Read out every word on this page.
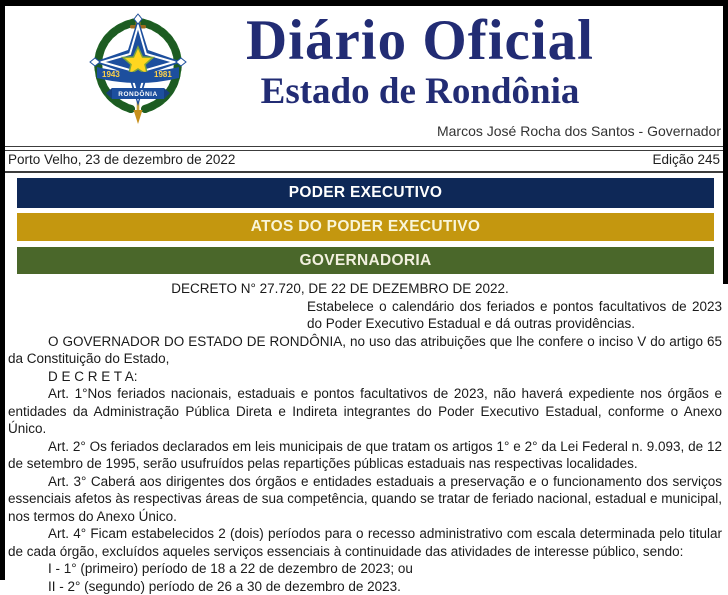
1943	1981
RONDÔNIA
Diário Oficial
Estado de Rondônia
Marcos José Rocha dos Santos - Governador
Porto Velho, 23 de dezembro de 2022	Edição 245
PODER EXECUTIVO
ATOS DO PODER EXECUTIVO
GOVERNADORIA

DECRETO N° 27.720, DE 22 DE DEZEMBRO DE 2022.

Estabelece o calendário dos feriados e pontos facultativos de 2023 do Poder Executivo Estadual e dá outras providências.

O GOVERNADOR DO ESTADO DE RONDÔNIA, no uso das atribuições que lhe confere o inciso V do artigo 65 da Constituição do Estado,

D E C R E T A:

Art. 1°Nos feriados nacionais, estaduais e pontos facultativos de 2023, não haverá expediente nos órgãos e entidades da Administração Pública Direta e Indireta integrantes do Poder Executivo Estadual, conforme o Anexo Único.

Art. 2° Os feriados declarados em leis municipais de que tratam os artigos 1° e 2° da Lei Federal n. 9.093, de 12 de setembro de 1995, serão usufruídos pelas repartições públicas estaduais nas respectivas localidades.

Art. 3° Caberá aos dirigentes dos órgãos e entidades estaduais a preservação e o funcionamento dos serviços essenciais afetos às respectivas áreas de sua competência, quando se tratar de feriado nacional, estadual e municipal, nos termos do Anexo Único.

Art. 4° Ficam estabelecidos 2 (dois) períodos para o recesso administrativo com escala determinada pelo titular de cada órgão, excluídos aqueles serviços essenciais à continuidade das atividades de interesse público, sendo:

I - 1° (primeiro) período de 18 a 22 de dezembro de 2023; ou

II - 2° (segundo) período de 26 a 30 de dezembro de 2023.
